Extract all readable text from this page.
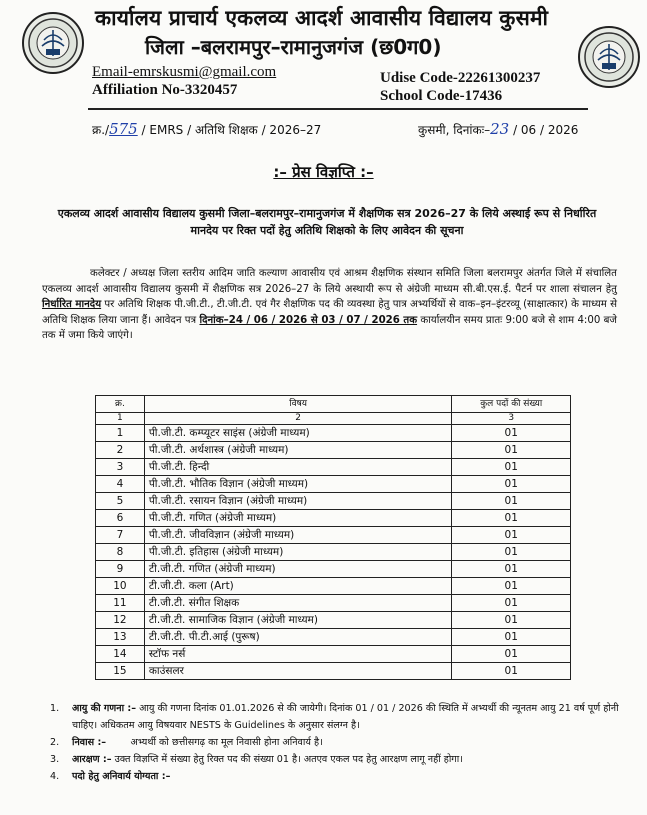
कार्यालय प्राचार्य एकलव्य आदर्श आवासीय विद्यालय कुसमी
जिला –बलरामपुर–रामानुजगंज (छ0ग0)
Email-emrskusmi@gmail.com
Affiliation No-3320457
Udise Code-22261300237
School Code-17436
क्र./575 / EMRS / अतिथि शिक्षक / 2026–27	कुसमी, दिनांकः–23 / 06 / 2026
:– प्रेस विज्ञप्ति :–
एकलव्य आदर्श आवासीय विद्यालय कुसमी जिला–बलरामपुर–रामानुजगंज में शैक्षणिक सत्र 2026–27 के लिये अस्थाई रूप से निर्धारित मानदेय पर रिक्त पदों हेतु अतिथि शिक्षको के लिए आवेदन की सूचना
कलेक्टर / अध्यक्ष जिला स्तरीय आदिम जाति कल्याण आवासीय एवं आश्रम शैक्षणिक संस्थान समिति जिला बलरामपुर अंतर्गत जिले में संचालित एकलव्य आदर्श आवासीय विद्यालय कुसमी में शैक्षणिक सत्र 2026–27 के लिये अस्थायी रूप से अंग्रेजी माध्यम सी.बी.एस.ई. पैटर्न पर शाला संचालन हेतु निर्धारित मानदेय पर अतिथि शिक्षक पी.जी.टी., टी.जी.टी. एवं गैर शैक्षणिक पद की व्यवस्था हेतु पात्र अभ्यर्थियों से वाक–इन–इंटरव्यू (साक्षात्कार) के माध्यम से अतिथि शिक्षक लिया जाना हैं। आवेदन पत्र दिनांक–24 / 06 / 2026 से 03 / 07 / 2026 तक कार्यालयीन समय प्रातः 9:00 बजे से शाम 4:00 बजे तक में जमा किये जाएंगे।
क्र.	विषय	कुल पदों की संख्या
1	2	3
1	पी.जी.टी. कम्प्यूटर साइंस (अंग्रेजी माध्यम)	01
2	पी.जी.टी. अर्थशास्त्र (अंग्रेजी माध्यम)	01
3	पी.जी.टी. हिन्दी	01
4	पी.जी.टी. भौतिक विज्ञान (अंग्रेजी माध्यम)	01
5	पी.जी.टी. रसायन विज्ञान (अंग्रेजी माध्यम)	01
6	पी.जी.टी. गणित (अंग्रेजी माध्यम)	01
7	पी.जी.टी. जीवविज्ञान (अंग्रेजी माध्यम)	01
8	पी.जी.टी. इतिहास (अंग्रेजी माध्यम)	01
9	टी.जी.टी. गणित (अंग्रेजी माध्यम)	01
10	टी.जी.टी. कला (Art)	01
11	टी.जी.टी. संगीत शिक्षक	01
12	टी.जी.टी. सामाजिक विज्ञान (अंग्रेजी माध्यम)	01
13	टी.जी.टी. पी.टी.आई (पुरूष)	01
14	स्टॉफ नर्स	01
15	काउंसलर	01
1.	आयु की गणना :– आयु की गणना दिनांक 01.01.2026 से की जायेगी। दिनांक 01 / 01 / 2026 की स्थिति में अभ्यर्थी की न्यूनतम आयु 21 वर्ष पूर्ण होनी चाहिए। अधिकतम आयु विषयवार NESTS के Guidelines के अनुसार संलग्न है।
2.	निवास :–        अभ्यर्थी को छत्तीसगढ़ का मूल निवासी होना अनिवार्य है।
3.	आरक्षण :– उक्त विज्ञप्ति में संख्या हेतु रिक्त पद की संख्या 01 है। अतएव एकल पद हेतु आरक्षण लागू नहीं होगा।
4.	पदो हेतु अनिवार्य योग्यता :–
